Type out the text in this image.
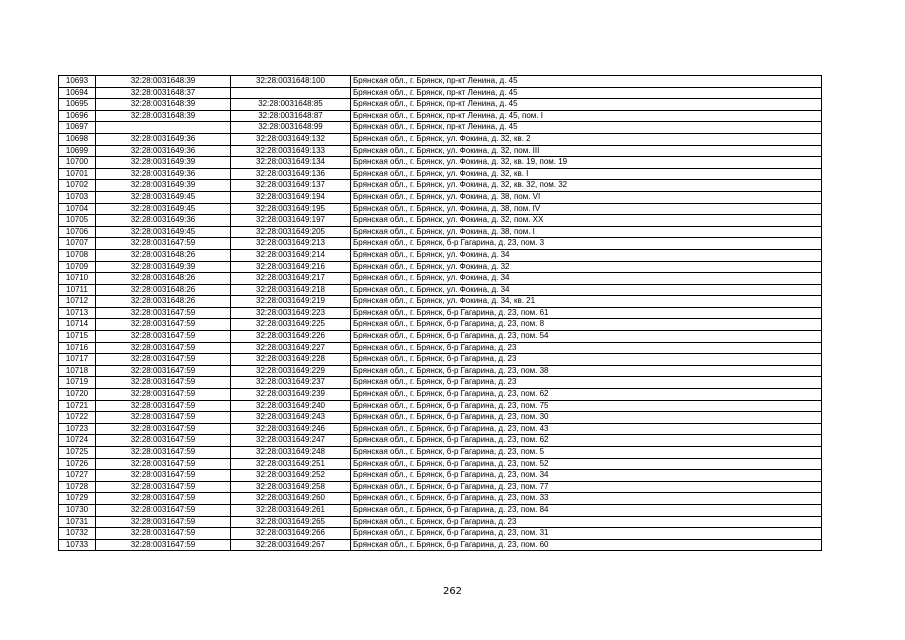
10693	32:28:0031648:39	32:28:0031648:100	Брянская обл., г. Брянск, пр-кт Ленина, д. 45
10694	32:28:0031648:37		Брянская обл., г. Брянск, пр-кт Ленина, д. 45
10695	32:28:0031648:39	32:28:0031648:85	Брянская обл., г. Брянск, пр-кт Ленина, д. 45
10696	32:28:0031648:39	32:28:0031648:87	Брянская обл., г. Брянск, пр-кт Ленина, д. 45, пом. I
10697		32:28:0031648:99	Брянская обл., г. Брянск, пр-кт Ленина, д. 45
10698	32:28:0031649:36	32:28:0031649:132	Брянская обл., г. Брянск, ул. Фокина, д. 32, кв. 2
10699	32:28:0031649:36	32:28:0031649:133	Брянская обл., г. Брянск, ул. Фокина, д. 32, пом. III
10700	32:28:0031649:39	32:28:0031649:134	Брянская обл., г. Брянск, ул. Фокина, д. 32, кв. 19, пом. 19
10701	32:28:0031649:36	32:28:0031649:136	Брянская обл., г. Брянск, ул. Фокина, д. 32, кв. I
10702	32:28:0031649:39	32:28:0031649:137	Брянская обл., г. Брянск, ул. Фокина, д. 32, кв. 32, пом. 32
10703	32:28:0031649:45	32:28:0031649:194	Брянская обл., г. Брянск, ул. Фокина, д. 38, пом. VI
10704	32:28:0031649:45	32:28:0031649:195	Брянская обл., г. Брянск, ул. Фокина, д. 38, пом. IV
10705	32:28:0031649:36	32:28:0031649:197	Брянская обл., г. Брянск, ул. Фокина, д. 32, пом. XX
10706	32:28:0031649:45	32:28:0031649:205	Брянская обл., г. Брянск, ул. Фокина, д. 38, пом. I
10707	32:28:0031647:59	32:28:0031649:213	Брянская обл., г. Брянск, б-р Гагарина, д. 23, пом. 3
10708	32:28:0031648:26	32:28:0031649:214	Брянская обл., г. Брянск, ул. Фокина, д. 34
10709	32:28:0031649:39	32:28:0031649:216	Брянская обл., г. Брянск, ул. Фокина, д. 32
10710	32:28:0031648:26	32:28:0031649:217	Брянская обл., г. Брянск, ул. Фокина, д. 34
10711	32:28:0031648:26	32:28:0031649:218	Брянская обл., г. Брянск, ул. Фокина, д. 34
10712	32:28:0031648:26	32:28:0031649:219	Брянская обл., г. Брянск, ул. Фокина, д. 34, кв. 21
10713	32:28:0031647:59	32:28:0031649:223	Брянская обл., г. Брянск, б-р Гагарина, д. 23, пом. 61
10714	32:28:0031647:59	32:28:0031649:225	Брянская обл., г. Брянск, б-р Гагарина, д. 23, пом. 8
10715	32:28:0031647:59	32:28:0031649:226	Брянская обл., г. Брянск, б-р Гагарина, д. 23, пом. 54
10716	32:28:0031647:59	32:28:0031649:227	Брянская обл., г. Брянск, б-р Гагарина, д. 23
10717	32:28:0031647:59	32:28:0031649:228	Брянская обл., г. Брянск, б-р Гагарина, д. 23
10718	32:28:0031647:59	32:28:0031649:229	Брянская обл., г. Брянск, б-р Гагарина, д. 23, пом. 38
10719	32:28:0031647:59	32:28:0031649:237	Брянская обл., г. Брянск, б-р Гагарина, д. 23
10720	32:28:0031647:59	32:28:0031649:239	Брянская обл., г. Брянск, б-р Гагарина, д. 23, пом. 62
10721	32:28:0031647:59	32:28:0031649:240	Брянская обл., г. Брянск, б-р Гагарина, д. 23, пом. 75
10722	32:28:0031647:59	32:28:0031649:243	Брянская обл., г. Брянск, б-р Гагарина, д. 23, пом. 30
10723	32:28:0031647:59	32:28:0031649:246	Брянская обл., г. Брянск, б-р Гагарина, д. 23, пом. 43
10724	32:28:0031647:59	32:28:0031649:247	Брянская обл., г. Брянск, б-р Гагарина, д. 23, пом. 62
10725	32:28:0031647:59	32:28:0031649:248	Брянская обл., г. Брянск, б-р Гагарина, д. 23, пом. 5
10726	32:28:0031647:59	32:28:0031649:251	Брянская обл., г. Брянск, б-р Гагарина, д. 23, пом. 52
10727	32:28:0031647:59	32:28:0031649:252	Брянская обл., г. Брянск, б-р Гагарина, д. 23, пом. 34
10728	32:28:0031647:59	32:28:0031649:258	Брянская обл., г. Брянск, б-р Гагарина, д. 23, пом. 77
10729	32:28:0031647:59	32:28:0031649:260	Брянская обл., г. Брянск, б-р Гагарина, д. 23, пом. 33
10730	32:28:0031647:59	32:28:0031649:261	Брянская обл., г. Брянск, б-р Гагарина, д. 23, пом. 84
10731	32:28:0031647:59	32:28:0031649:265	Брянская обл., г. Брянск, б-р Гагарина, д. 23
10732	32:28:0031647:59	32:28:0031649:266	Брянская обл., г. Брянск, б-р Гагарина, д. 23, пом. 31
10733	32:28:0031647:59	32:28:0031649:267	Брянская обл., г. Брянск, б-р Гагарина, д. 23, пом. 60
262
